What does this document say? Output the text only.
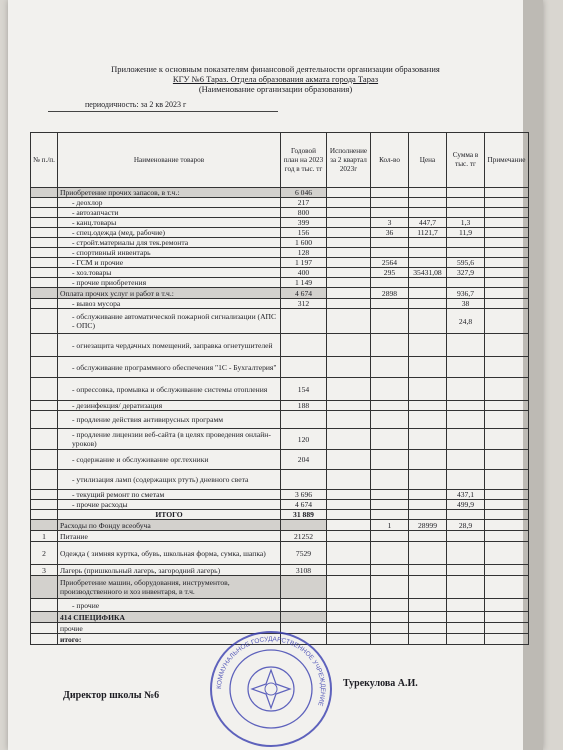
Приложение к основным показателям финансовой деятельности организации образования
КГУ №6 Тараз. Отдела образования акмата города Тараз
(Наименование организации образования)
периодичность: за 2 кв 2023 г
№ п./п.	Наименование товаров	Годовой план на 2023 год в тыс. тг	Исполнение за 2 квартал 2023г	Кол-во	Цена	Сумма в тыс. тг	Примечание
	Приобретение прочих запасов, в т.ч.:	6 046					
	- деохлор	217					
	- автозапчасти	800					
	- канц.товары	399		3	447,7	1,3	
	- спец.одежда (мед, рабочие)	156		36	1121,7	11,9	
	- стройт.материалы для тек.ремонта	1 600					
	- спортивный инвентарь	128					
	- ГСМ и прочие	1 197		2564		595,6	
	- хоз.товары	400		295	35431,08	327,9	
	- прочие приобретения	1 149					
	Оплата прочих услуг и работ в т.ч.:	4 674		2898		936,7	
	- вывоз мусора	312				38	
	- обслуживание автоматической пожарной сигнализации (АПС - ОПС)					24,8	
	- огнезащита чердачных помещений, заправка огнетушителей						
	- обслуживание программного обеспечения "1С - Бухгалтерия"						
	- опрессовка, промывка и обслуживание системы отопления	154					
	- дезинфекция/ дератизация	188					
	- продление действия антивирусных программ						
	- продление лицензии веб-сайта (в целях проведения онлайн-уроков)	120					
	- содержание и обслуживание орг.техники	204					
	- утилизация ламп (содержащих ртуть) дневного света						
	- текущий ремонт по сметам	3 696				437,1	
	- прочие расходы	4 674				499,9	
	ИТОГО	31 889					
	Расходы по Фонду всеобуча			1	28999	28,9	
1	Питание	21252					
2	Одежда ( зимняя куртка, обувь, школьная форма, сумка, шапка)	7529					
3	Лагерь (пришкольный лагерь, загородний лагерь)	3108					
	Приобретение машин, оборудования, инструментов, производственного и хоз инвентаря, в т.ч.						
	- прочие						
	414 СПЕЦИФИКА						
	прочие						
	итого:						
Директор школы №6
Турекулова А.И.
КОММУНАЛЬНОЕ ГОСУДАРСТВЕННОЕ УЧРЕЖДЕНИЕ
